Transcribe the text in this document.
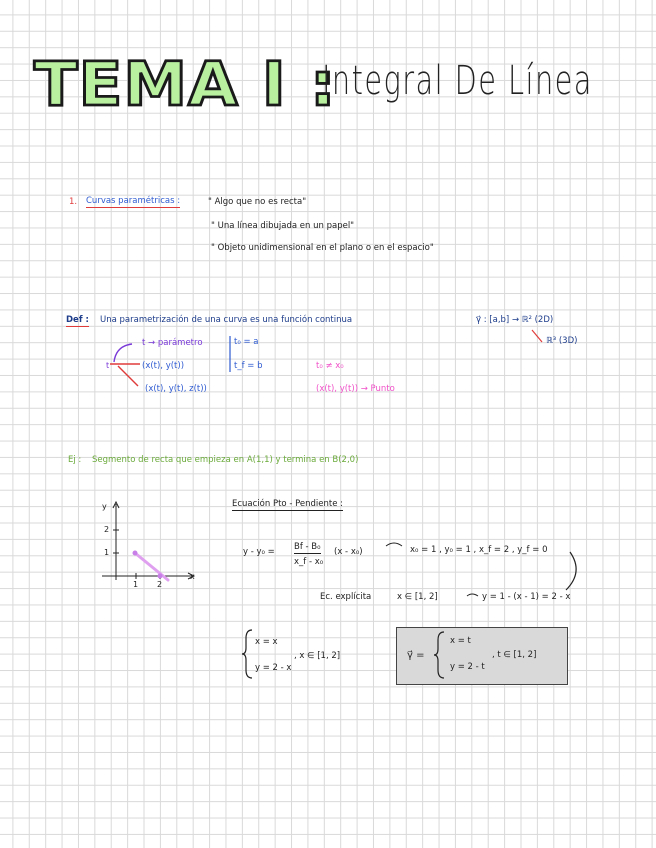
TEMA I :
Integral De Línea
1. Curvas paramétricas :	" Algo que no es recta"
" Una línea dibujada en un papel"
" Objeto unidimensional en el plano o en el espacio"
Def : Una parametrización de una curva es una función continua	γ⃗ : [a,b] → ℝ² (2D)
ℝ³ (3D)
t
t → parámetro
(x(t), y(t))
(x(t), y(t), z(t))
t₀ = a
t_f = b	t₀ ≠ x₀
(x(t), y(t)) → Punto
Ej : Segmento de recta que empieza en A(1,1) y termina en B(2,0)
y
x
2
1
1 2
Ecuación Pto - Pendiente :
y - y₀ = Bf - B₀
x_f - x₀
(x - x₀)	x₀ = 1 , y₀ = 1 , x_f = 2 , y_f = 0
Ec. explícita	x ∈ [1, 2]	y = 1 - (x - 1) = 2 - x
x = x
y = 2 - x
, x ∈ [1, 2]	γ⃗ =
x = t
y = 2 - t
, t ∈ [1, 2]
